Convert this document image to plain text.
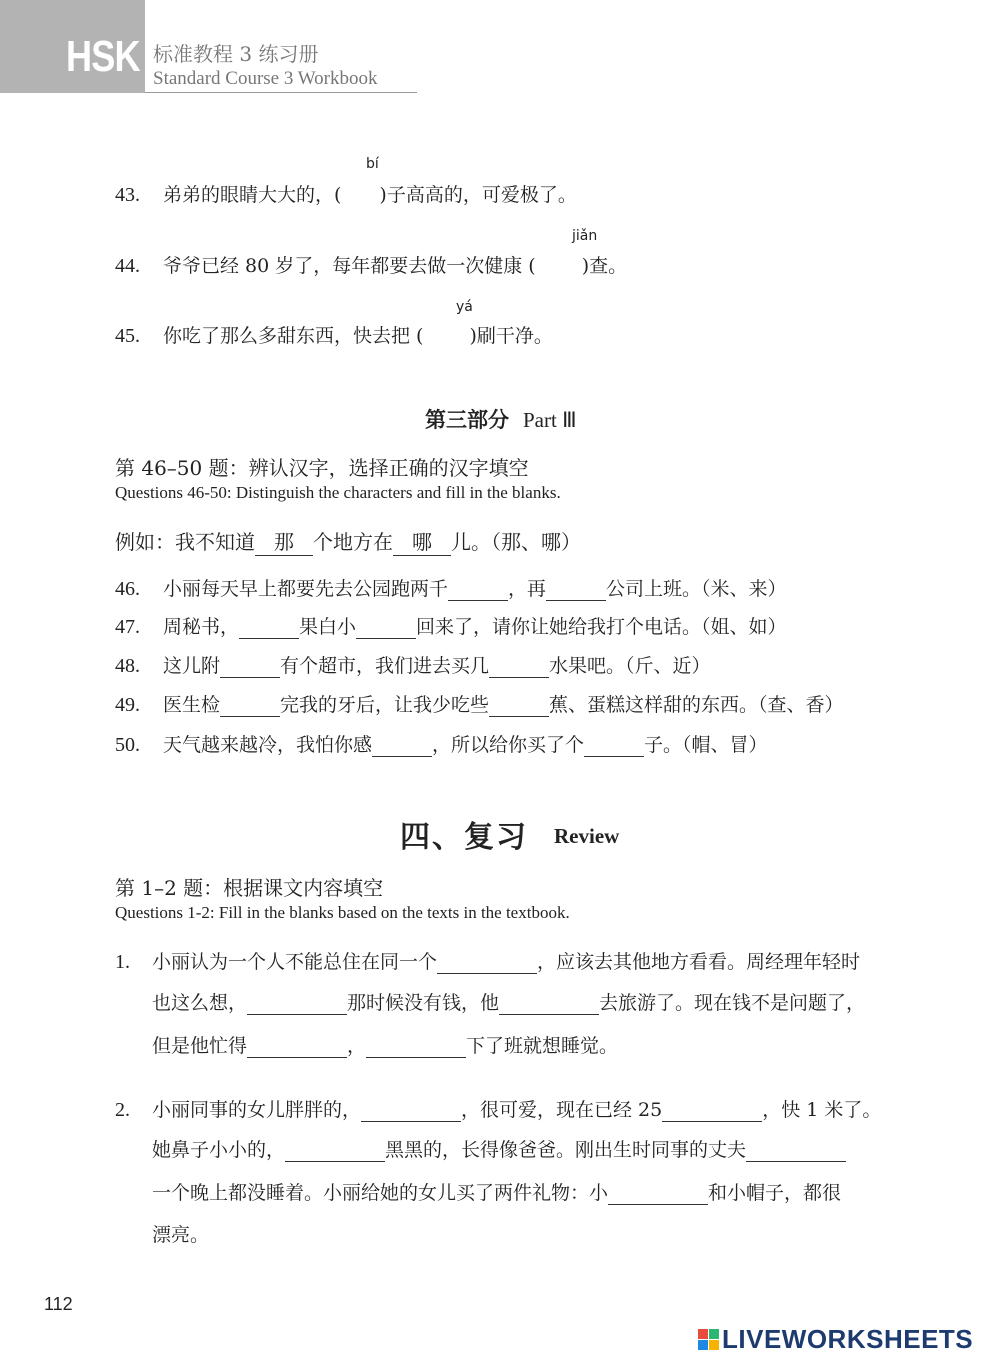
HSK 标准教程 3 练习册
Standard Course 3 Workbook
bí
43. 弟弟的眼睛大大的，( )子高高的，可爱极了。
jiǎn
44. 爷爷已经 80 岁了，每年都要去做一次健康 ( )查。
yá
45. 你吃了那么多甜东西，快去把 ( )刷干净。
第三部分 Part Ⅲ
第 46–50 题：辨认汉字，选择正确的汉字填空
Questions 46-50: Distinguish the characters and fill in the blanks.
例如：我不知道 那 个地方在 哪 儿。（那、哪）
46. 小丽每天早上都要先去公园跑两千	，再	公司上班。（米、来）
47. 周秘书，	果白小	回来了，请你让她给我打个电话。（姐、如）
48. 这儿附	有个超市，我们进去买几	水果吧。（斤、近）
49. 医生检	完我的牙后，让我少吃些	蕉、蛋糕这样甜的东西。（查、香）
50. 天气越来越冷，我怕你感	，所以给你买了个	子。（帽、冒）
四、复习 Review
第 1–2 题：根据课文内容填空
Questions 1-2: Fill in the blanks based on the texts in the textbook.
1. 小丽认为一个人不能总住在同一个	，应该去其他地方看看。周经理年轻时
也这么想，	那时候没有钱，他	去旅游了。现在钱不是问题了，
但是他忙得	，	下了班就想睡觉。
2. 小丽同事的女儿胖胖的，	，很可爱，现在已经 25	，快 1 米了。
她鼻子小小的，	黑黑的，长得像爸爸。刚出生时同事的丈夫
一个晚上都没睡着。小丽给她的女儿买了两件礼物：小	和小帽子，都很
漂亮。
112
LIVEWORKSHEETS
